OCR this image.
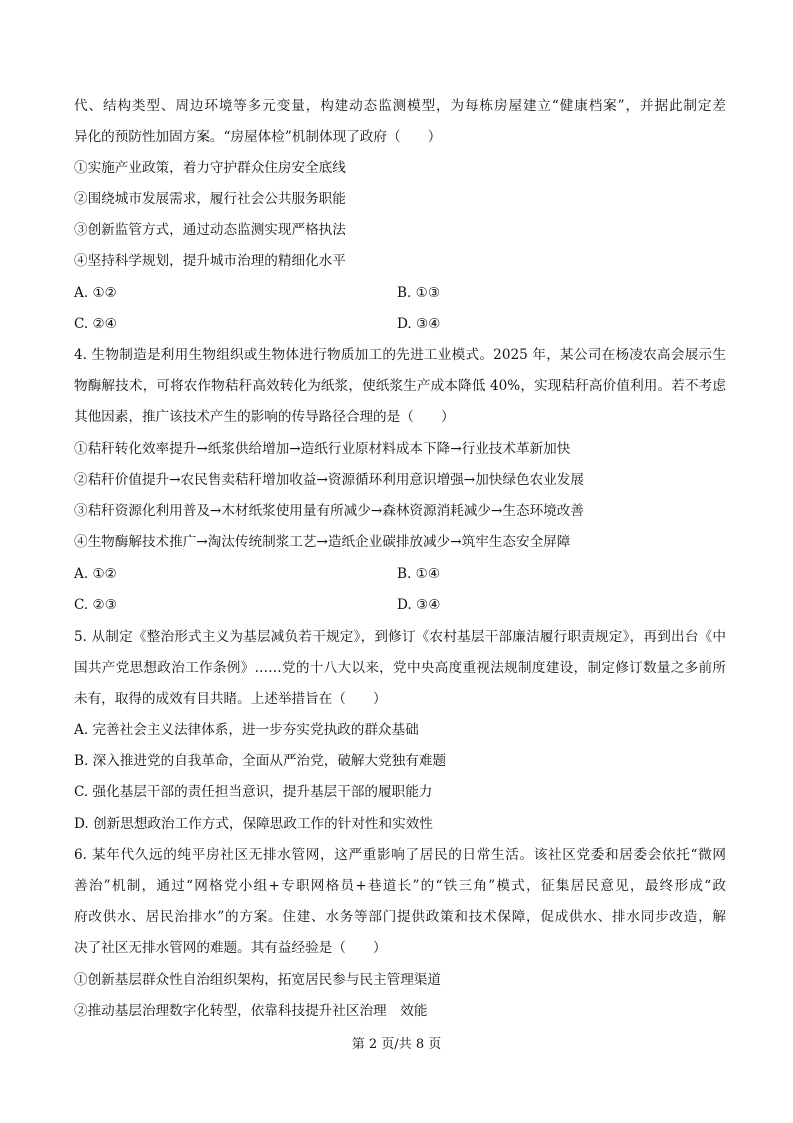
代、结构类型、周边环境等多元变量，构建动态监测模型，为每栋房屋建立“健康档案”，并据此制定差
异化的预防性加固方案。“房屋体检”机制体现了政府（　　）
①实施产业政策，着力守护群众住房安全底线
②围绕城市发展需求，履行社会公共服务职能
③创新监管方式，通过动态监测实现严格执法
④坚持科学规划，提升城市治理的精细化水平
A. ①②	B. ①③
C. ②④	D. ③④
4. 生物制造是利用生物组织或生物体进行物质加工的先进工业模式。2025 年，某公司在杨凌农高会展示生
物酶解技术，可将农作物秸秆高效转化为纸浆，使纸浆生产成本降低 40%，实现秸秆高价值利用。若不考虑
其他因素，推广该技术产生的影响的传导路径合理的是（　　）
①秸秆转化效率提升→纸浆供给增加→造纸行业原材料成本下降→行业技术革新加快
②秸秆价值提升→农民售卖秸秆增加收益→资源循环利用意识增强→加快绿色农业发展
③秸秆资源化利用普及→木材纸浆使用量有所减少→森林资源消耗减少→生态环境改善
④生物酶解技术推广→淘汰传统制浆工艺→造纸企业碳排放减少→筑牢生态安全屏障
A. ①②	B. ①④
C. ②③	D. ③④
5. 从制定《整治形式主义为基层减负若干规定》，到修订《农村基层干部廉洁履行职责规定》，再到出台《中
国共产党思想政治工作条例》……党的十八大以来，党中央高度重视法规制度建设，制定修订数量之多前所
未有，取得的成效有目共睹。上述举措旨在（　　）
A. 完善社会主义法律体系，进一步夯实党执政的群众基础
B. 深入推进党的自我革命，全面从严治党，破解大党独有难题
C. 强化基层干部的责任担当意识，提升基层干部的履职能力
D. 创新思想政治工作方式，保障思政工作的针对性和实效性
6. 某年代久远的纯平房社区无排水管网，这严重影响了居民的日常生活。该社区党委和居委会依托“微网
善治”机制，通过“网格党小组+专职网格员+巷道长”的“铁三角”模式，征集居民意见，最终形成“政
府改供水、居民治排水”的方案。住建、水务等部门提供政策和技术保障，促成供水、排水同步改造，解
决了社区无排水管网的难题。其有益经验是（　　）
①创新基层群众性自治组织架构，拓宽居民参与民主管理渠道
②推动基层治理数字化转型，依靠科技提升社区治理　效能
第 2 页/共 8 页
